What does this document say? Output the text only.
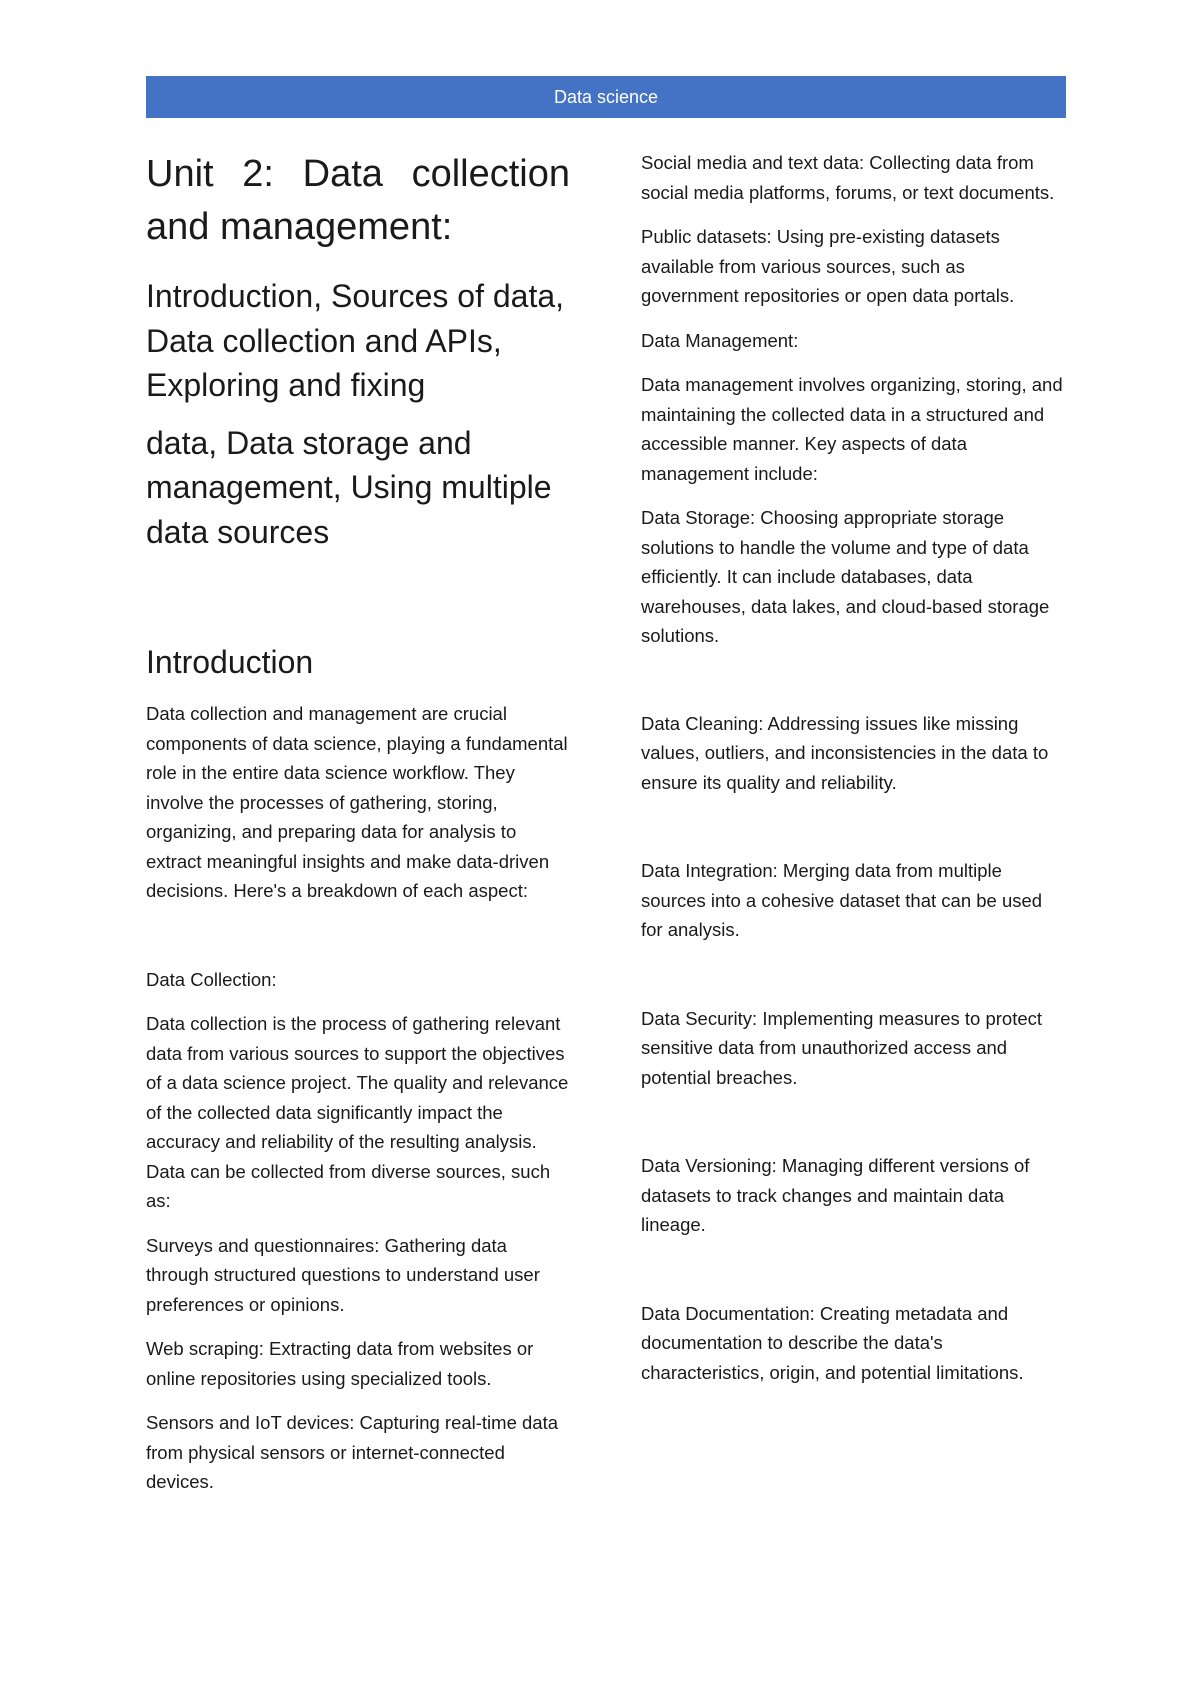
Data science
Unit 2: Data collection and management:
Introduction, Sources of data, Data collection and APIs, Exploring and fixing
data, Data storage and management, Using multiple data sources
Introduction

Data collection and management are crucial components of data science, playing a fundamental role in the entire data science workflow. They involve the processes of gathering, storing, organizing, and preparing data for analysis to extract meaningful insights and make data-driven decisions. Here's a breakdown of each aspect:

Data Collection:

Data collection is the process of gathering relevant data from various sources to support the objectives of a data science project. The quality and relevance of the collected data significantly impact the accuracy and reliability of the resulting analysis. Data can be collected from diverse sources, such as:

Surveys and questionnaires: Gathering data through structured questions to understand user preferences or opinions.

Web scraping: Extracting data from websites or online repositories using specialized tools.

Sensors and IoT devices: Capturing real-time data from physical sensors or internet-connected devices.

Social media and text data: Collecting data from social media platforms, forums, or text documents.

Public datasets: Using pre-existing datasets available from various sources, such as government repositories or open data portals.

Data Management:

Data management involves organizing, storing, and maintaining the collected data in a structured and accessible manner. Key aspects of data management include:

Data Storage: Choosing appropriate storage solutions to handle the volume and type of data efficiently. It can include databases, data warehouses, data lakes, and cloud-based storage solutions.

Data Cleaning: Addressing issues like missing values, outliers, and inconsistencies in the data to ensure its quality and reliability.

Data Integration: Merging data from multiple sources into a cohesive dataset that can be used for analysis.

Data Security: Implementing measures to protect sensitive data from unauthorized access and potential breaches.

Data Versioning: Managing different versions of datasets to track changes and maintain data lineage.

Data Documentation: Creating metadata and documentation to describe the data's characteristics, origin, and potential limitations.
